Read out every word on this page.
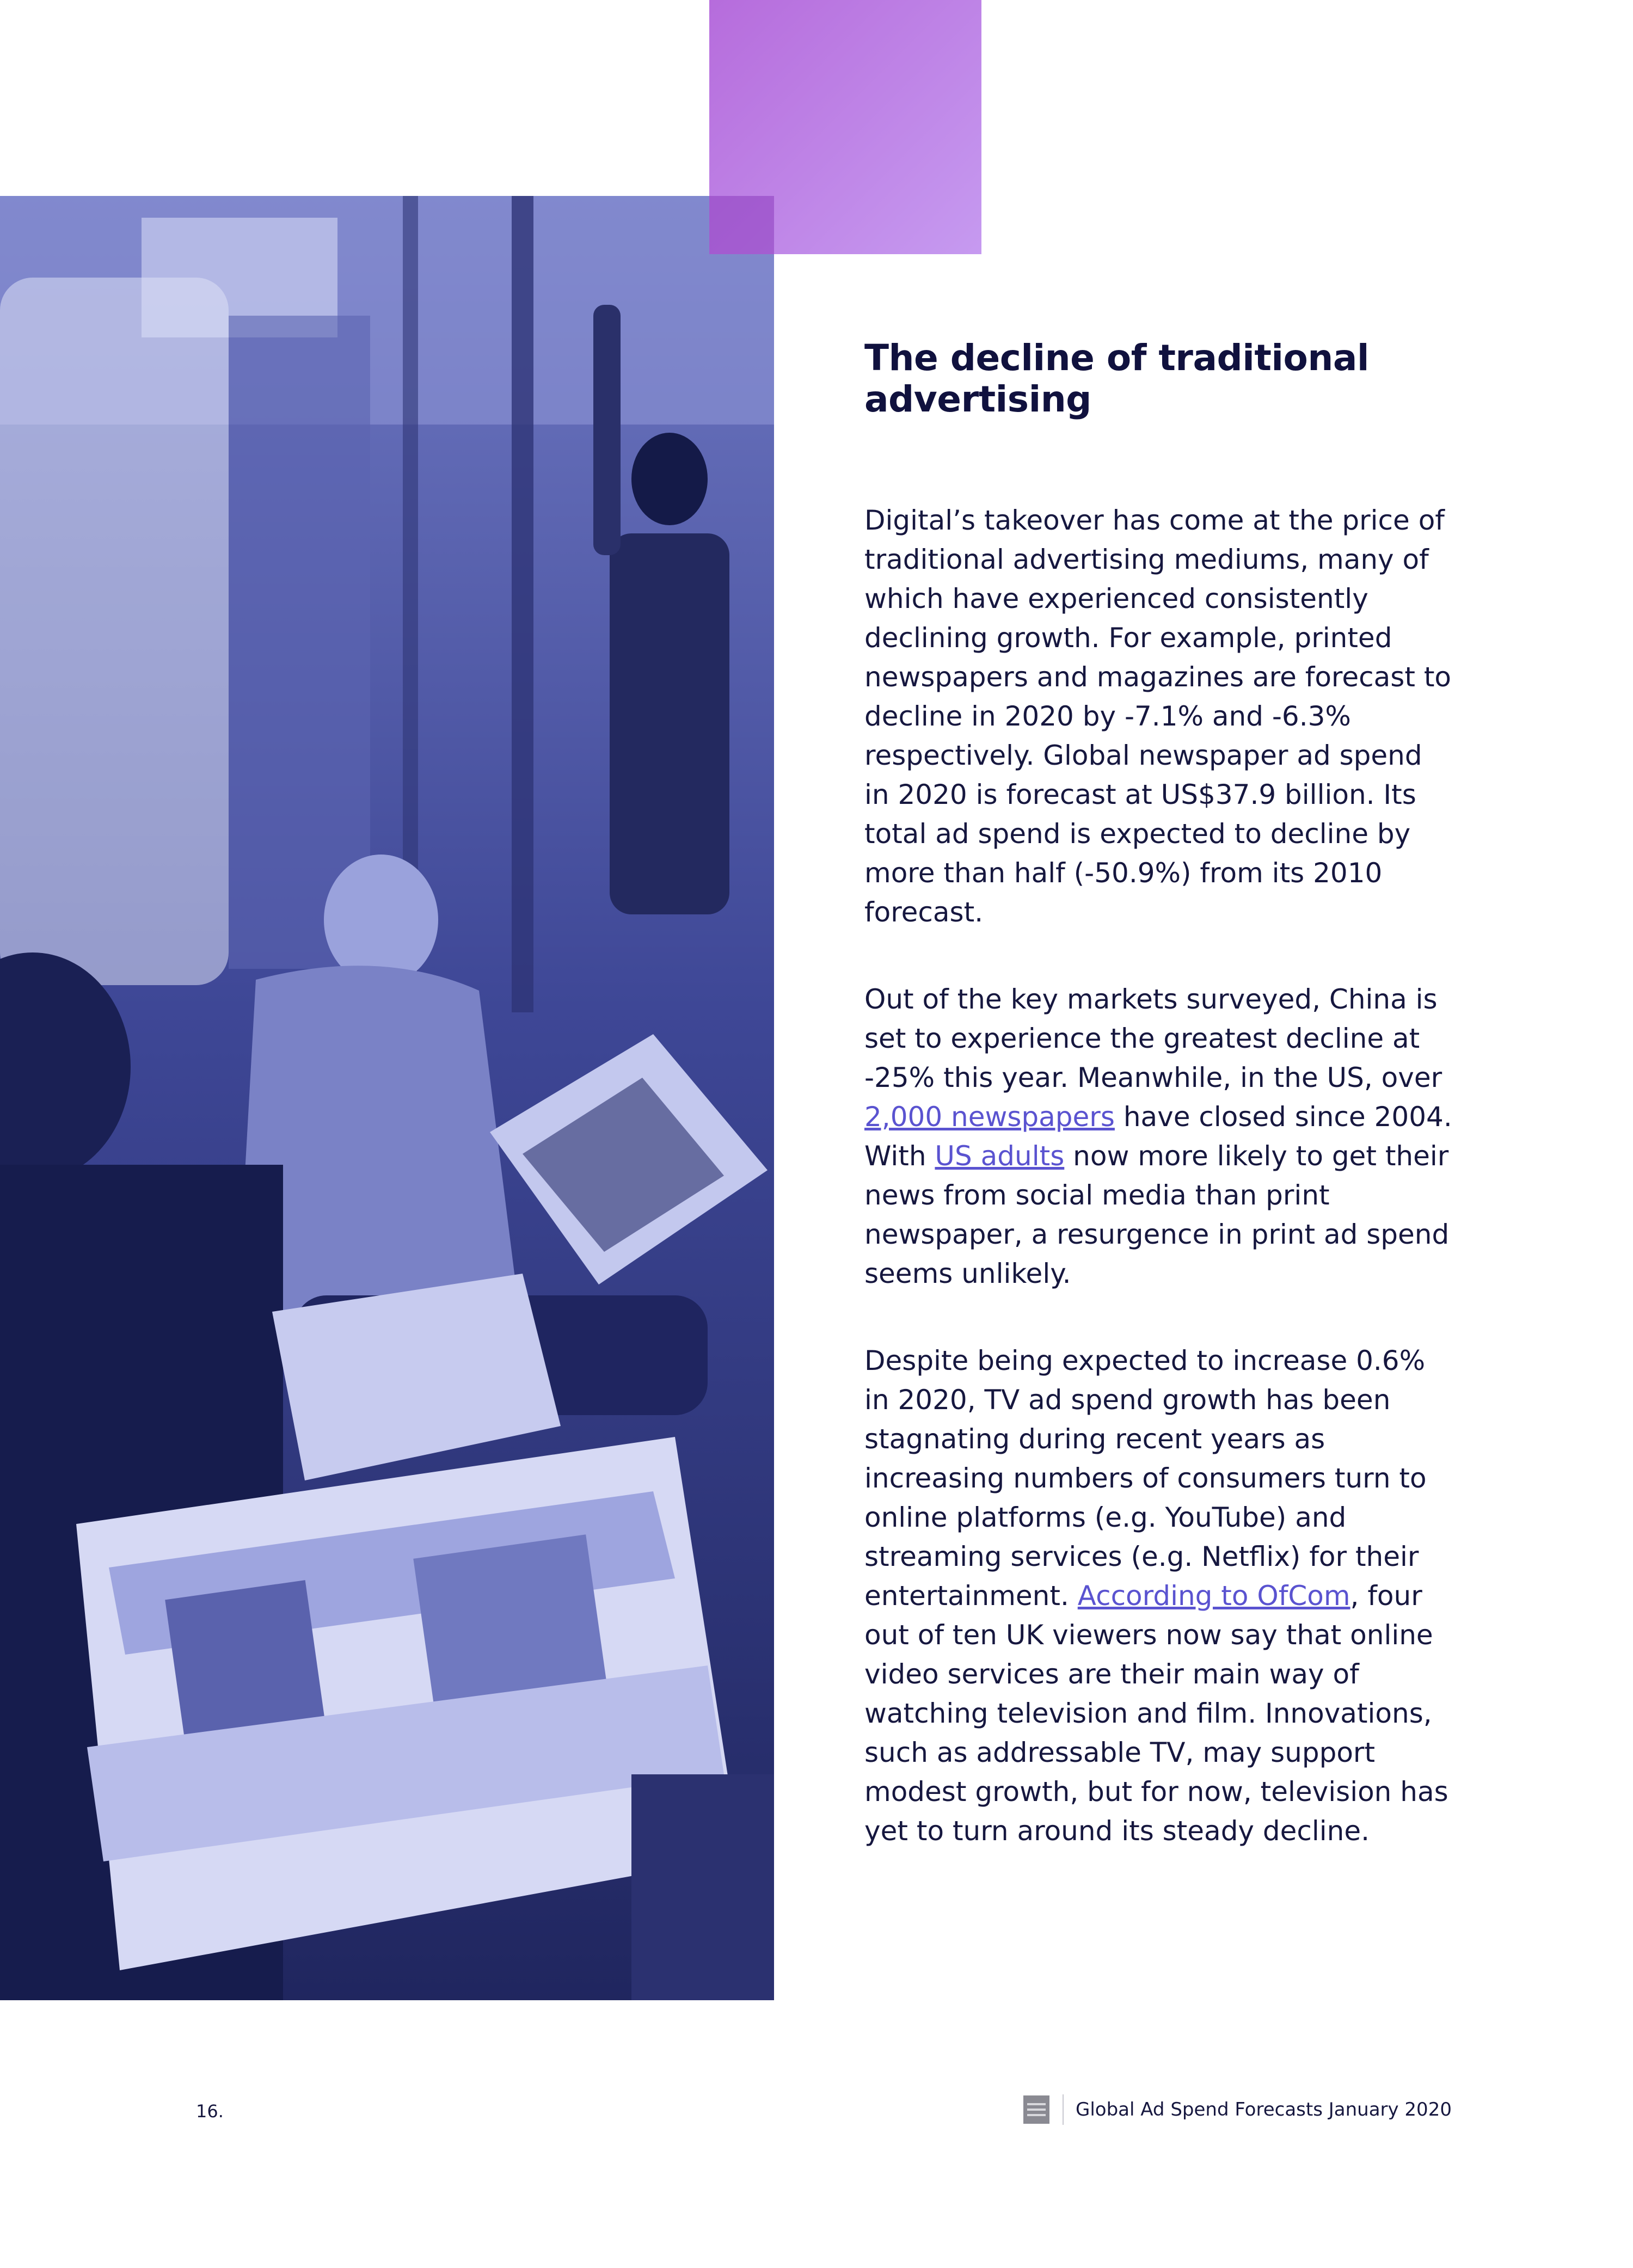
The decline of traditional advertising

Digital’s takeover has come at the price of traditional advertising mediums, many of which have experienced consistently declining growth. For example, printed newspapers and magazines are forecast to decline in 2020 by -7.1% and -6.3% respectively. Global newspaper ad spend in 2020 is forecast at US$37.9 billion. Its total ad spend is expected to decline by more than half (-50.9%) from its 2010 forecast.

Out of the key markets surveyed, China is set to experience the greatest decline at -25% this year. Meanwhile, in the US, over 2,000 newspapers have closed since 2004. With US adults now more likely to get their news from social media than print newspaper, a resurgence in print ad spend seems unlikely.

Despite being expected to increase 0.6% in 2020, TV ad spend growth has been stagnating during recent years as increasing numbers of consumers turn to online platforms (e.g. YouTube) and streaming services (e.g. Netflix) for their entertainment. According to OfCom, four out of ten UK viewers now say that online video services are their main way of watching television and film. Innovations, such as addressable TV, may support modest growth, but for now, television has yet to turn around its steady decline.

16.	Global Ad Spend Forecasts January 2020
